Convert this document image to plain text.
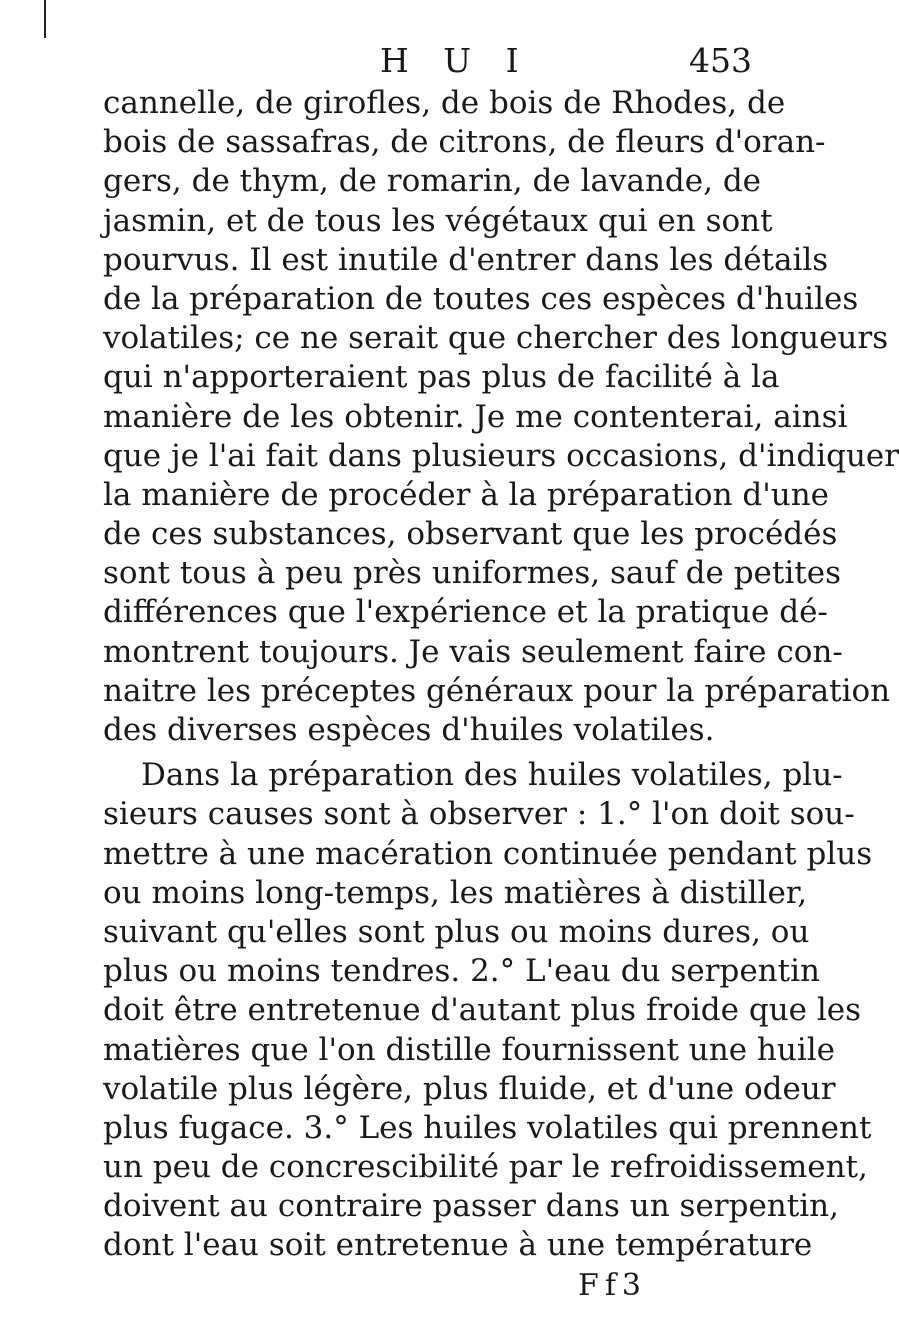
H U I	453
cannelle, de girofles, de bois de Rhodes, de
bois de sassafras, de citrons, de fleurs d'oran-
gers, de thym, de romarin, de lavande, de
jasmin, et de tous les végétaux qui en sont
pourvus. Il est inutile d'entrer dans les détails
de la préparation de toutes ces espèces d'huiles
volatiles; ce ne serait que chercher des longueurs
qui n'apporteraient pas plus de facilité à la
manière de les obtenir. Je me contenterai, ainsi
que je l'ai fait dans plusieurs occasions, d'indiquer
la manière de procéder à la préparation d'une
de ces substances, observant que les procédés
sont tous à peu près uniformes, sauf de petites
différences que l'expérience et la pratique dé-
montrent toujours. Je vais seulement faire con-
naitre les préceptes généraux pour la préparation
des diverses espèces d'huiles volatiles.
Dans la préparation des huiles volatiles, plu-
sieurs causes sont à observer : 1.° l'on doit sou-
mettre à une macération continuée pendant plus
ou moins long-temps, les matières à distiller,
suivant qu'elles sont plus ou moins dures, ou
plus ou moins tendres. 2.° L'eau du serpentin
doit être entretenue d'autant plus froide que les
matières que l'on distille fournissent une huile
volatile plus légère, plus fluide, et d'une odeur
plus fugace. 3.° Les huiles volatiles qui prennent
un peu de concrescibilité par le refroidissement,
doivent au contraire passer dans un serpentin,
dont l'eau soit entretenue à une température
Ff3
